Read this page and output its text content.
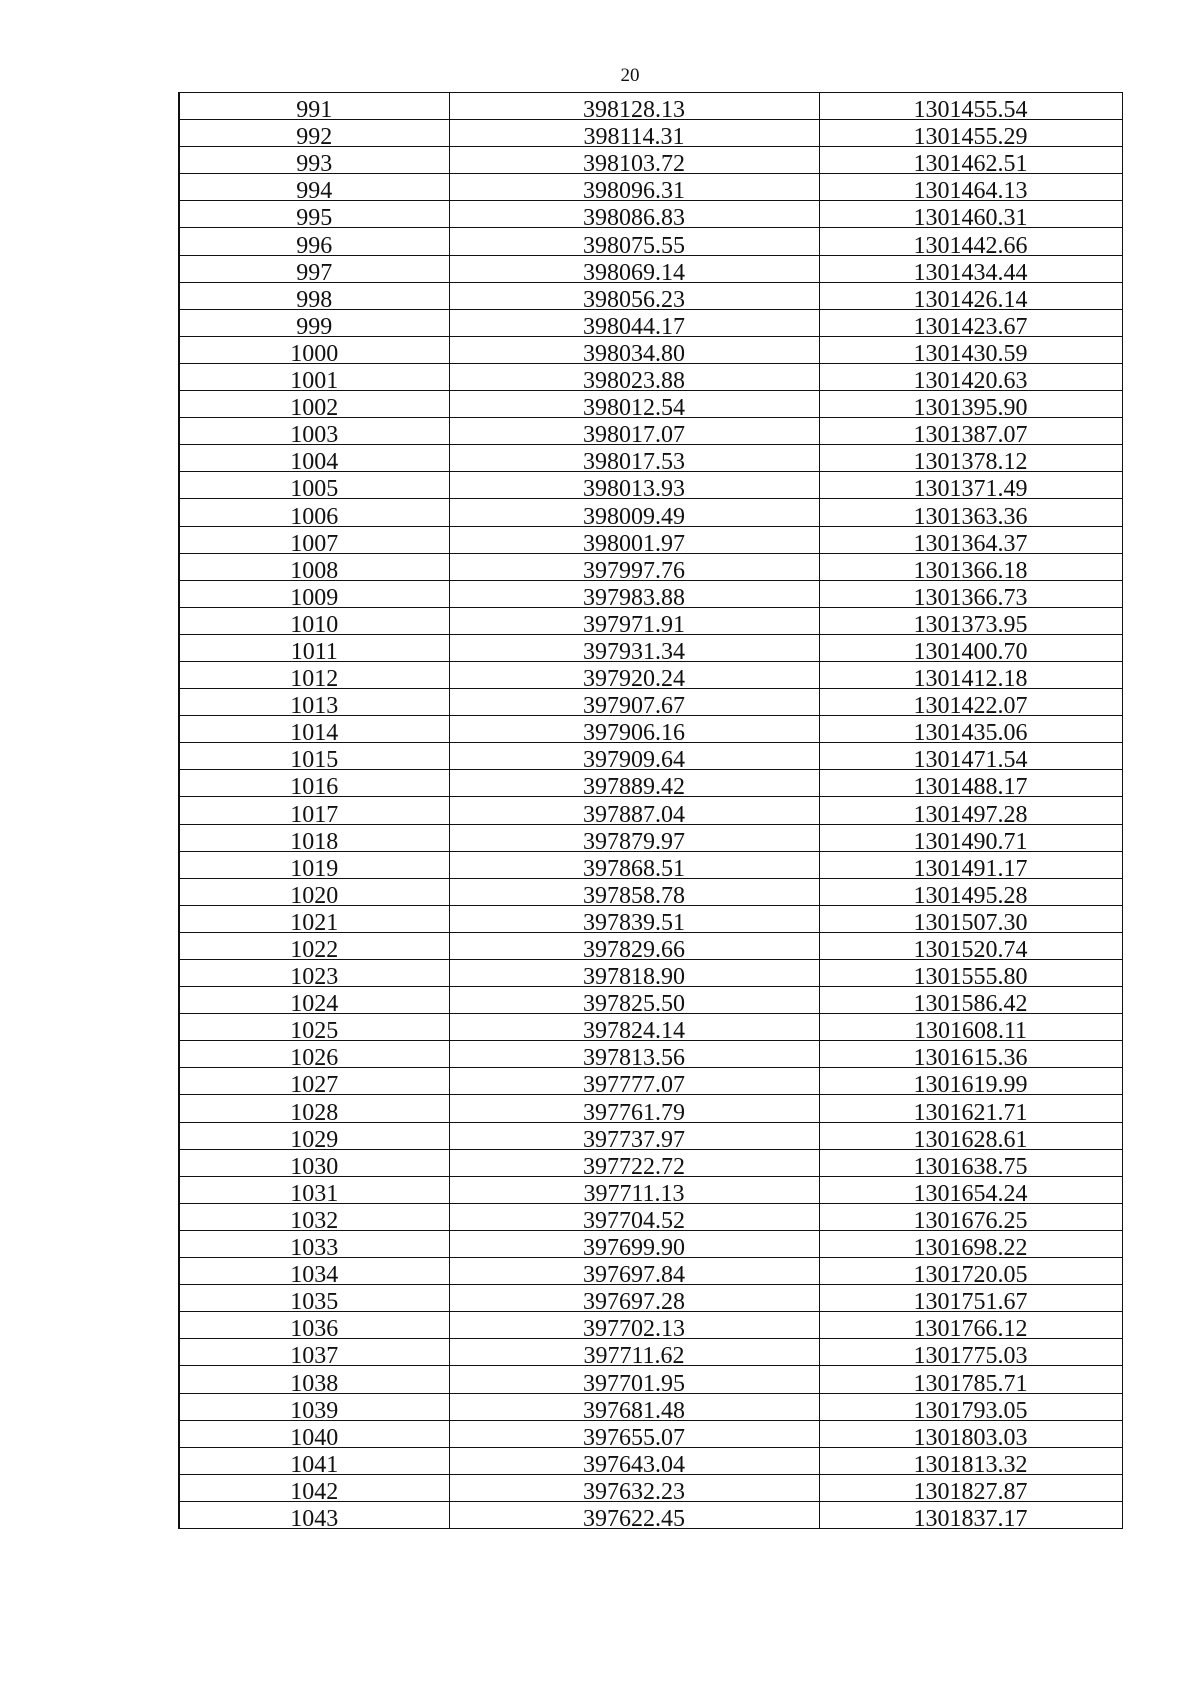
20
991	398128.13	1301455.54
992	398114.31	1301455.29
993	398103.72	1301462.51
994	398096.31	1301464.13
995	398086.83	1301460.31
996	398075.55	1301442.66
997	398069.14	1301434.44
998	398056.23	1301426.14
999	398044.17	1301423.67
1000	398034.80	1301430.59
1001	398023.88	1301420.63
1002	398012.54	1301395.90
1003	398017.07	1301387.07
1004	398017.53	1301378.12
1005	398013.93	1301371.49
1006	398009.49	1301363.36
1007	398001.97	1301364.37
1008	397997.76	1301366.18
1009	397983.88	1301366.73
1010	397971.91	1301373.95
1011	397931.34	1301400.70
1012	397920.24	1301412.18
1013	397907.67	1301422.07
1014	397906.16	1301435.06
1015	397909.64	1301471.54
1016	397889.42	1301488.17
1017	397887.04	1301497.28
1018	397879.97	1301490.71
1019	397868.51	1301491.17
1020	397858.78	1301495.28
1021	397839.51	1301507.30
1022	397829.66	1301520.74
1023	397818.90	1301555.80
1024	397825.50	1301586.42
1025	397824.14	1301608.11
1026	397813.56	1301615.36
1027	397777.07	1301619.99
1028	397761.79	1301621.71
1029	397737.97	1301628.61
1030	397722.72	1301638.75
1031	397711.13	1301654.24
1032	397704.52	1301676.25
1033	397699.90	1301698.22
1034	397697.84	1301720.05
1035	397697.28	1301751.67
1036	397702.13	1301766.12
1037	397711.62	1301775.03
1038	397701.95	1301785.71
1039	397681.48	1301793.05
1040	397655.07	1301803.03
1041	397643.04	1301813.32
1042	397632.23	1301827.87
1043	397622.45	1301837.17
